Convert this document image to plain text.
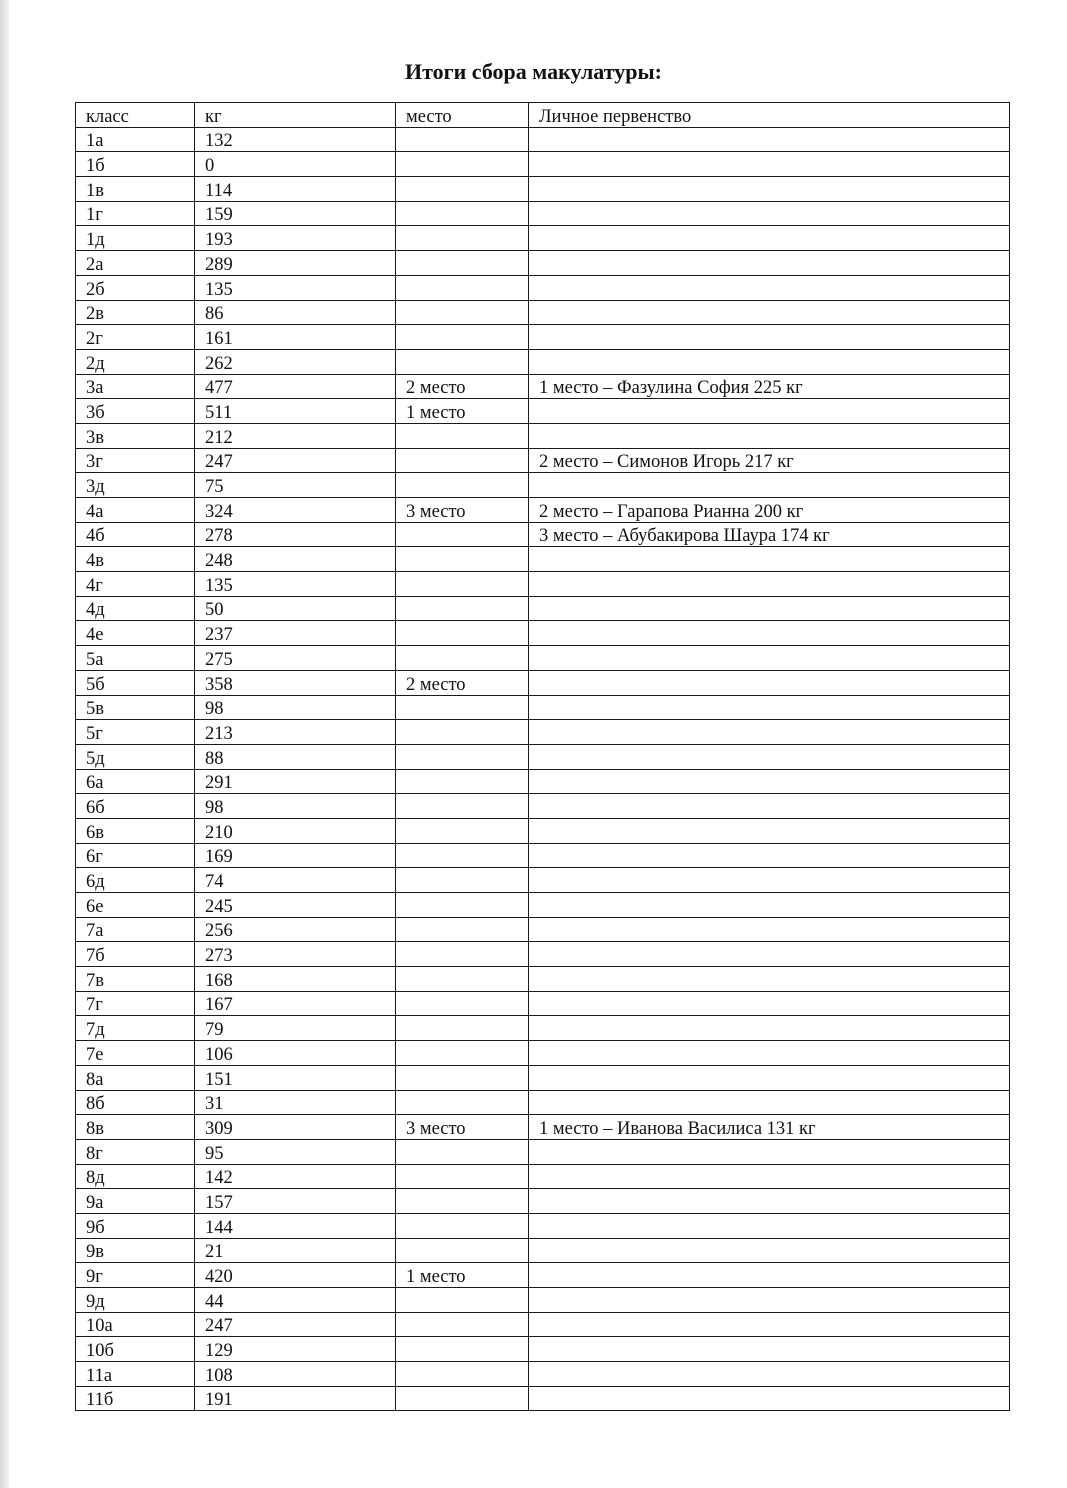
Итоги сбора макулатуры:
класс	кг	место	Личное первенство
1а	132		
1б	0		
1в	114		
1г	159		
1д	193		
2а	289		
2б	135		
2в	86		
2г	161		
2д	262		
3а	477	2 место	1 место – Фазулина София 225 кг
3б	511	1 место	
3в	212		
3г	247		2 место – Симонов Игорь 217 кг
3д	75		
4а	324	3 место	2 место – Гарапова Рианна 200 кг
4б	278		3 место – Абубакирова Шаура 174 кг
4в	248		
4г	135		
4д	50		
4е	237		
5а	275		
5б	358	2 место	
5в	98		
5г	213		
5д	88		
6а	291		
6б	98		
6в	210		
6г	169		
6д	74		
6е	245		
7а	256		
7б	273		
7в	168		
7г	167		
7д	79		
7е	106		
8а	151		
8б	31		
8в	309	3 место	1 место – Иванова Василиса 131 кг
8г	95		
8д	142		
9а	157		
9б	144		
9в	21		
9г	420	1 место	
9д	44		
10а	247		
10б	129		
11а	108		
11б	191		
